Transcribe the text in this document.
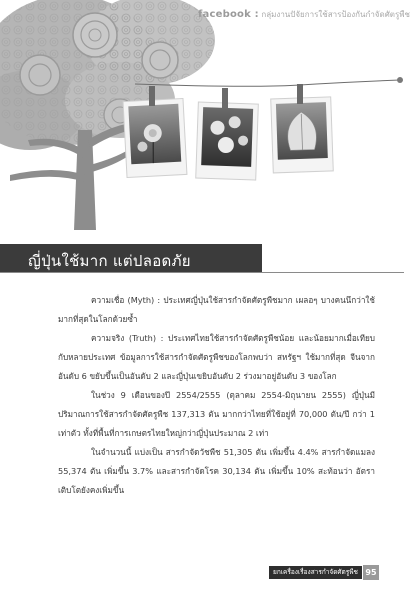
facebook : กลุ่มงานปัจัยการใช้สารป้องกันกำจัดศัตรูพืช
ญี่ปุ่นใช้มาก แต่ปลอดภัย

ความเชื่อ (Myth) : ประเทศญี่ปุ่นใช้สารกำจัดศัตรูพืชมาก เผลอๆ บางคนนึกว่าใช้มากที่สุดในโลกด้วยซ้ำ

ความจริง (Truth) : ประเทศไทยใช้สารกำจัดศัตรูพืชน้อย และน้อยมากเมื่อเทียบกับหลายประเทศ ข้อมูลการใช้สารกำจัดศัตรูพืชของโลกพบว่า สหรัฐฯ ใช้มากที่สุด จีนจากอันดับ 6 ขยับขึ้นเป็นอันดับ 2 และญี่ปุ่นเขยิบอันดับ 2 ร่วงมาอยู่อันดับ 3 ของโลก

ในช่วง 9 เดือนของปี 2554/2555 (ตุลาคม 2554-มิถุนายน 2555) ญี่ปุ่นมีปริมาณการใช้สารกำจัดศัตรูพืช 137,313 ตัน มากกว่าไทยที่ใช้อยู่ที่ 70,000 ตัน/ปี กว่า 1 เท่าตัว ทั้งที่พื้นที่การเกษตรไทยใหญ่กว่าญี่ปุ่นประมาณ 2 เท่า

ในจำนวนนี้ แบ่งเป็น สารกำจัดวัชพืช 51,305 ตัน เพิ่มขึ้น 4.4% สารกำจัดแมลง 55,374 ตัน เพิ่มขึ้น 3.7% และสารกำจัดโรค 30,134 ตัน เพิ่มขึ้น 10% สะท้อนว่า อัตราเติบโตยังคงเพิ่มขึ้น

ยกเครื่องเรื่องสารกำจัดศัตรูพืช 95
